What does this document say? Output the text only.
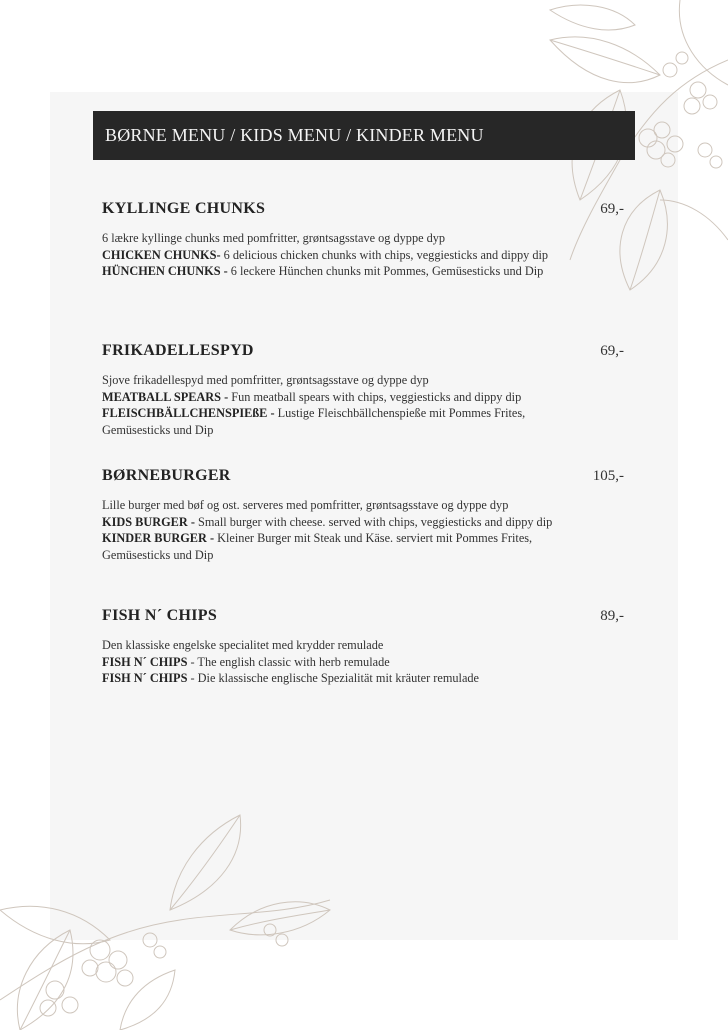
BØRNE MENU / KIDS MENU / KINDER MENU
KYLLINGE CHUNKS	69,-
6 lækre kyllinge chunks med pomfritter, grøntsagsstave og dyppe dyp
CHICKEN CHUNKS- 6 delicious chicken chunks with chips, veggiesticks and dippy dip
HÜNCHEN CHUNKS - 6 leckere Hünchen chunks mit Pommes, Gemüsesticks und Dip
FRIKADELLESPYD	69,-
Sjove frikadellespyd med pomfritter, grøntsagsstave og dyppe dyp
MEATBALL SPEARS - Fun meatball spears with chips, veggiesticks and dippy dip
FLEISCHBÄLLCHENSPIEßE - Lustige Fleischbällchenspieße mit Pommes Frites, Gemüsesticks und Dip
BØRNEBURGER	105,-
Lille burger med bøf og ost. serveres med pomfritter, grøntsagsstave og dyppe dyp
KIDS BURGER - Small burger with cheese. served with chips, veggiesticks and dippy dip
KINDER BURGER - Kleiner Burger mit Steak und Käse. serviert mit Pommes Frites, Gemüsesticks und Dip
FISH N´ CHIPS	89,-
Den klassiske engelske specialitet med krydder remulade
FISH N´ CHIPS - The english classic with herb remulade
FISH N´ CHIPS - Die klassische englische Spezialität mit kräuter remulade
